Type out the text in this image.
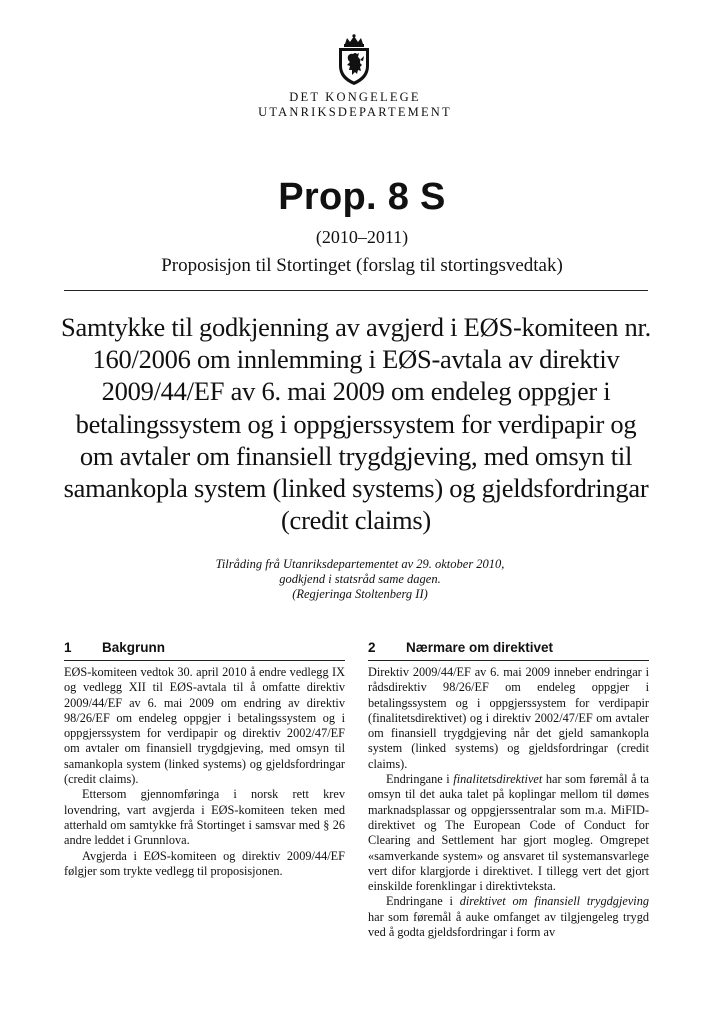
DET KONGELEGE
UTANRIKSDEPARTEMENT
Prop. 8 S
(2010–2011)
Proposisjon til Stortinget (forslag til stortingsvedtak)
Samtykke til godkjenning av avgjerd i EØS-komiteen nr. 160/2006 om innlemming i EØS-avtala av direktiv 2009/44/EF av 6. mai 2009 om endeleg oppgjer i betalingssystem og i oppgjerssystem for verdipapir og om avtaler om finansiell trygdgjeving, med omsyn til samankopla system (linked systems) og gjeldsfordringar (credit claims)
Tilråding frå Utanriksdepartementet av 29. oktober 2010,
godkjend i statsråd same dagen.
(Regjeringa Stoltenberg II)
1	Bakgrunn

EØS-komiteen vedtok 30. april 2010 å endre vedlegg IX og vedlegg XII til EØS-avtala til å omfatte direktiv 2009/44/EF av 6. mai 2009 om endring av direktiv 98/26/EF om endeleg oppgjer i betalingssystem og i oppgjerssystem for verdipapir og direktiv 2002/47/EF om avtaler om finansiell trygdgjeving, med omsyn til samankopla system (linked systems) og gjeldsfordringar (credit claims).

Ettersom gjennomføringa i norsk rett krev lovendring, vart avgjerda i EØS-komiteen teken med atterhald om samtykke frå Stortinget i samsvar med § 26 andre leddet i Grunnlova.

Avgjerda i EØS-komiteen og direktiv 2009/44/EF følgjer som trykte vedlegg til proposisjonen.

2	Nærmare om direktivet

Direktiv 2009/44/EF av 6. mai 2009 inneber endringar i rådsdirektiv 98/26/EF om endeleg oppgjer i betalingssystem og i oppgjerssystem for verdipapir (finalitetsdirektivet) og i direktiv 2002/47/EF om avtaler om finansiell trygdgjeving når det gjeld samankopla system (linked systems) og gjeldsfordringar (credit claims).

Endringane i finalitetsdirektivet har som føremål å ta omsyn til det auka talet på koplingar mellom til dømes marknadsplassar og oppgjerssentralar som m.a. MiFID-direktivet og The European Code of Conduct for Clearing and Settlement har gjort mogleg. Omgrepet «samverkande system» og ansvaret til systemansvarlege vert difor klargjorde i direktivet. I tillegg vert det gjort einskilde forenklingar i direktivteksta.

Endringane i direktivet om finansiell trygdgjeving har som føremål å auke omfanget av tilgjengeleg trygd ved å godta gjeldsfordringar i form av
